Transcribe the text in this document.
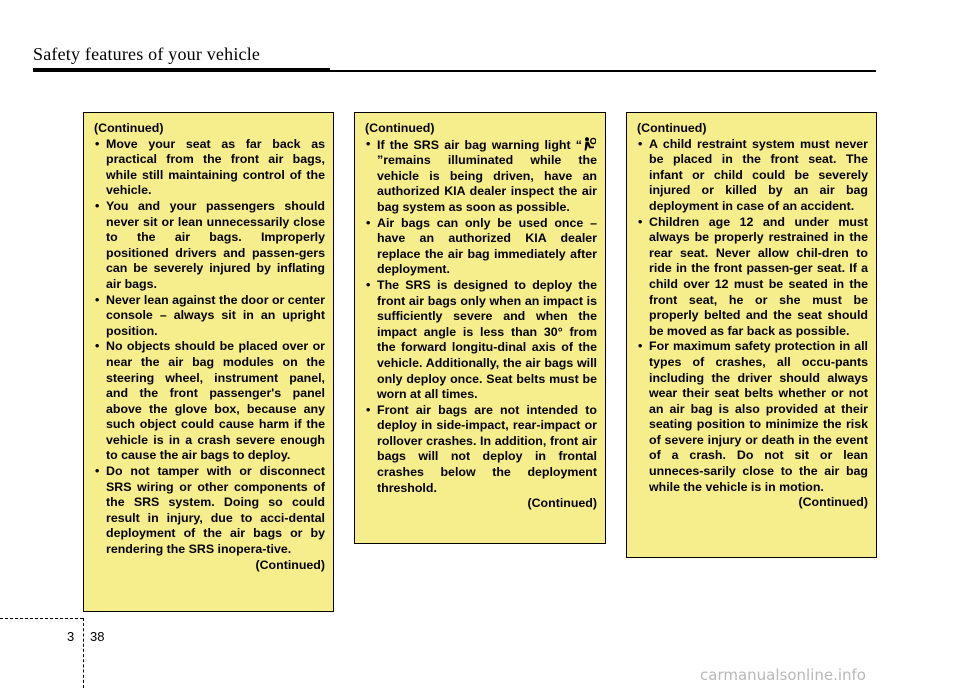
Safety features of your vehicle
(Continued)
• Move your seat as far back as practical from the front air bags, while still maintaining control of the vehicle.
• You and your passengers should never sit or lean unnecessarily close to the air bags. Improperly positioned drivers and passen-gers can be severely injured by inflating air bags.
• Never lean against the door or center console – always sit in an upright position.
• No objects should be placed over or near the air bag modules on the steering wheel, instrument panel, and the front passenger's panel above the glove box, because any such object could cause harm if the vehicle is in a crash severe enough to cause the air bags to deploy.
• Do not tamper with or disconnect SRS wiring or other components of the SRS system. Doing so could result in injury, due to acci-dental deployment of the air bags or by rendering the SRS inopera-tive.
(Continued)
(Continued)
• If the SRS air bag warning light “”remains illuminated while the vehicle is being driven, have an authorized KIA dealer inspect the air bag system as soon as possible.
• Air bags can only be used once – have an authorized KIA dealer replace the air bag immediately after deployment.
• The SRS is designed to deploy the front air bags only when an impact is sufficiently severe and when the impact angle is less than 30° from the forward longitu-dinal axis of the vehicle. Additionally, the air bags will only deploy once. Seat belts must be worn at all times.
• Front air bags are not intended to deploy in side-impact, rear-impact or rollover crashes. In addition, front air bags will not deploy in frontal crashes below the deployment threshold.
(Continued)
(Continued)
• A child restraint system must never be placed in the front seat. The infant or child could be severely injured or killed by an air bag deployment in case of an accident.
• Children age 12 and under must always be properly restrained in the rear seat. Never allow chil-dren to ride in the front passen-ger seat. If a child over 12 must be seated in the front seat, he or she must be properly belted and the seat should be moved as far back as possible.
• For maximum safety protection in all types of crashes, all occu-pants including the driver should always wear their seat belts whether or not an air bag is also provided at their seating position to minimize the risk of severe injury or death in the event of a crash. Do not sit or lean unneces-sarily close to the air bag while the vehicle is in motion.
(Continued)
3 38
carmanualsonline.info
